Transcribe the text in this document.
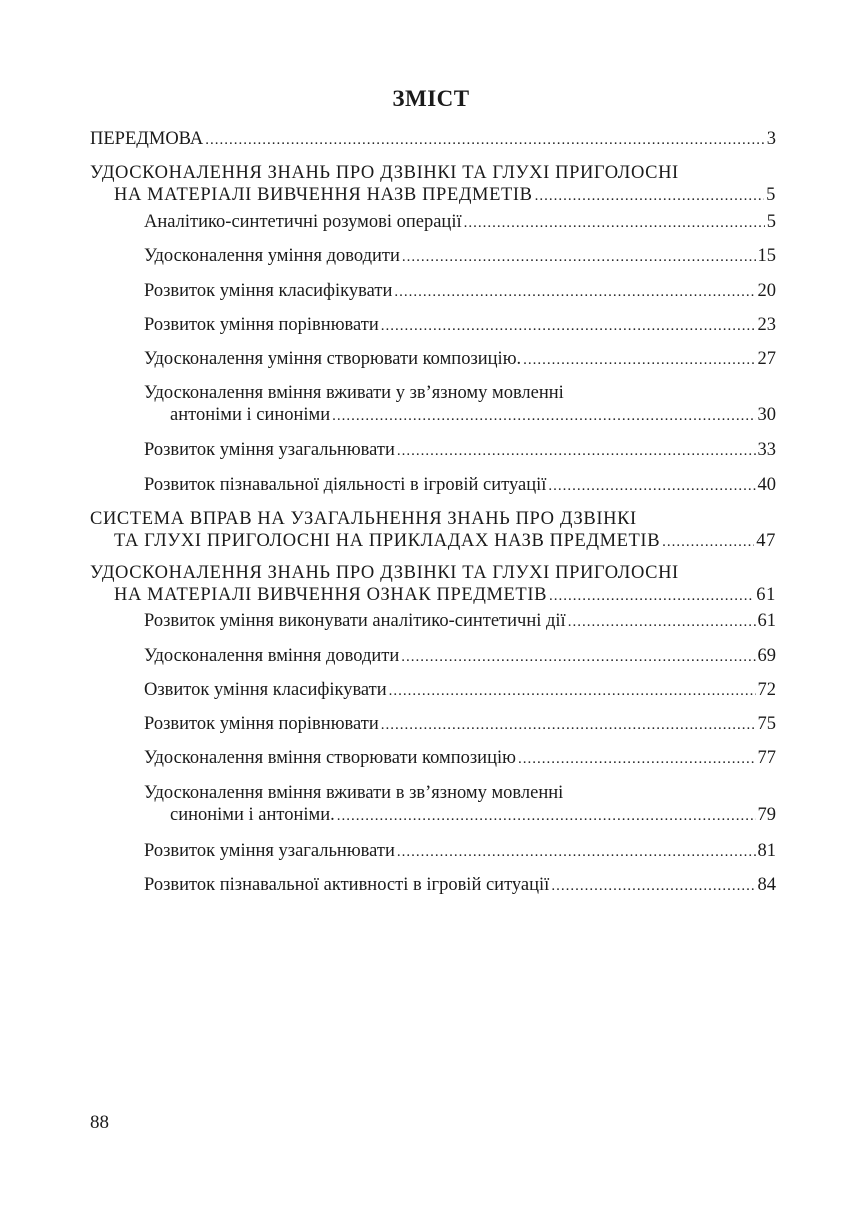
ЗМІСТ
ПЕРЕДМОВА .....	3
УДОСКОНАЛЕННЯ ЗНАНЬ ПРО ДЗВІНКІ ТА ГЛУХІ ПРИГОЛОСНІ
НА МАТЕРІАЛІ ВИВЧЕННЯ НАЗВ ПРЕДМЕТІВ .....	5
Аналітико-синтетичні розумові операції .....	5
Удосконалення уміння доводити .....	15
Розвиток уміння класифікувати .....	20
Розвиток уміння порівнювати .....	23
Удосконалення уміння створювати композицію. .....	27
Удосконалення вміння вживати у зв’язному мовленні
антоніми і синоніми .....	30
Розвиток уміння узагальнювати .....	33
Розвиток пізнавальної діяльності в ігровій ситуації .....	40
СИСТЕМА ВПРАВ НА УЗАГАЛЬНЕННЯ ЗНАНЬ ПРО ДЗВІНКІ
ТА ГЛУХІ ПРИГОЛОСНІ НА ПРИКЛАДАХ НАЗВ ПРЕДМЕТІВ .....	47
УДОСКОНАЛЕННЯ ЗНАНЬ ПРО ДЗВІНКІ ТА ГЛУХІ ПРИГОЛОСНІ
НА МАТЕРІАЛІ ВИВЧЕННЯ ОЗНАК ПРЕДМЕТІВ .....	61
Розвиток уміння виконувати аналітико-синтетичні дії .....	61
Удосконалення вміння доводити .....	69
Озвиток уміння класифікувати .....	72
Розвиток уміння порівнювати .....	75
Удосконалення вміння створювати композицію .....	77
Удосконалення вміння вживати в зв’язному мовленні
синоніми і антоніми. .....	79
Розвиток уміння узагальнювати .....	81
Розвиток пізнавальної активності в ігровій ситуації .....	84
88
